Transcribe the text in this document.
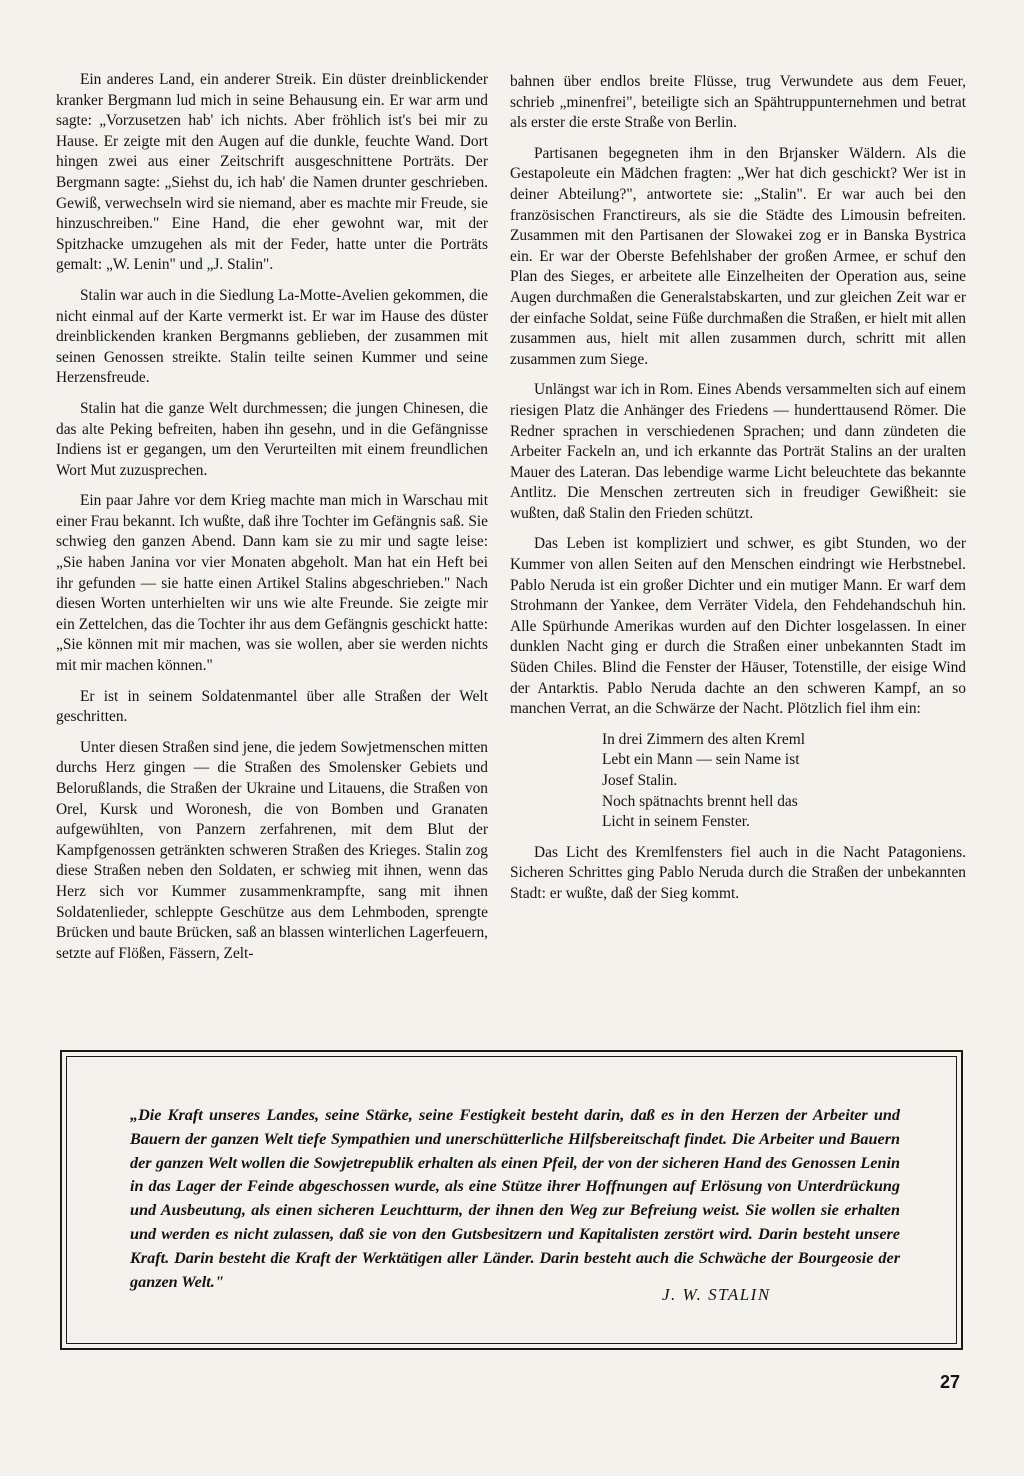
Ein anderes Land, ein anderer Streik. Ein düster dreinblickender kranker Bergmann lud mich in seine Behausung ein. Er war arm und sagte: „Vorzusetzen hab' ich nichts. Aber fröhlich ist's bei mir zu Hause. Er zeigte mit den Augen auf die dunkle, feuchte Wand. Dort hingen zwei aus einer Zeitschrift ausgeschnittene Porträts. Der Bergmann sagte: „Siehst du, ich hab' die Namen drunter geschrieben. Gewiß, verwechseln wird sie niemand, aber es machte mir Freude, sie hinzuschreiben." Eine Hand, die eher gewohnt war, mit der Spitzhacke umzugehen als mit der Feder, hatte unter die Porträts gemalt: „W. Lenin" und „J. Stalin".

Stalin war auch in die Siedlung La-Motte-Avelien gekommen, die nicht einmal auf der Karte vermerkt ist. Er war im Hause des düster dreinblickenden kranken Bergmanns geblieben, der zusammen mit seinen Genossen streikte. Stalin teilte seinen Kummer und seine Herzensfreude.

Stalin hat die ganze Welt durchmessen; die jungen Chinesen, die das alte Peking befreiten, haben ihn gesehn, und in die Gefängnisse Indiens ist er gegangen, um den Verurteilten mit einem freundlichen Wort Mut zuzusprechen.

Ein paar Jahre vor dem Krieg machte man mich in Warschau mit einer Frau bekannt. Ich wußte, daß ihre Tochter im Gefängnis saß. Sie schwieg den ganzen Abend. Dann kam sie zu mir und sagte leise: „Sie haben Janina vor vier Monaten abgeholt. Man hat ein Heft bei ihr gefunden — sie hatte einen Artikel Stalins abgeschrieben." Nach diesen Worten unterhielten wir uns wie alte Freunde. Sie zeigte mir ein Zettelchen, das die Tochter ihr aus dem Gefängnis geschickt hatte: „Sie können mit mir machen, was sie wollen, aber sie werden nichts mit mir machen können."

Er ist in seinem Soldatenmantel über alle Straßen der Welt geschritten.

Unter diesen Straßen sind jene, die jedem Sowjetmenschen mitten durchs Herz gingen — die Straßen des Smolensker Gebiets und Belorußlands, die Straßen der Ukraine und Litauens, die Straßen von Orel, Kursk und Woronesh, die von Bomben und Granaten aufgewühlten, von Panzern zerfahrenen, mit dem Blut der Kampfgenossen getränkten schweren Straßen des Krieges. Stalin zog diese Straßen neben den Soldaten, er schwieg mit ihnen, wenn das Herz sich vor Kummer zusammenkrampfte, sang mit ihnen Soldatenlieder, schleppte Geschütze aus dem Lehmboden, sprengte Brücken und baute Brücken, saß an blassen winterlichen Lagerfeuern, setzte auf Flößen, Fässern, Zelt-

bahnen über endlos breite Flüsse, trug Verwundete aus dem Feuer, schrieb „minenfrei", beteiligte sich an Spähtruppunternehmen und betrat als erster die erste Straße von Berlin.

Partisanen begegneten ihm in den Brjansker Wäldern. Als die Gestapoleute ein Mädchen fragten: „Wer hat dich geschickt? Wer ist in deiner Abteilung?", antwortete sie: „Stalin". Er war auch bei den französischen Franctireurs, als sie die Städte des Limousin befreiten. Zusammen mit den Partisanen der Slowakei zog er in Banska Bystrica ein. Er war der Oberste Befehlshaber der großen Armee, er schuf den Plan des Sieges, er arbeitete alle Einzelheiten der Operation aus, seine Augen durchmaßen die Generalstabskarten, und zur gleichen Zeit war er der einfache Soldat, seine Füße durchmaßen die Straßen, er hielt mit allen zusammen aus, hielt mit allen zusammen durch, schritt mit allen zusammen zum Siege.

Unlängst war ich in Rom. Eines Abends versammelten sich auf einem riesigen Platz die Anhänger des Friedens — hunderttausend Römer. Die Redner sprachen in verschiedenen Sprachen; und dann zündeten die Arbeiter Fackeln an, und ich erkannte das Porträt Stalins an der uralten Mauer des Lateran. Das lebendige warme Licht beleuchtete das bekannte Antlitz. Die Menschen zertreuten sich in freudiger Gewißheit: sie wußten, daß Stalin den Frieden schützt.

Das Leben ist kompliziert und schwer, es gibt Stunden, wo der Kummer von allen Seiten auf den Menschen eindringt wie Herbstnebel. Pablo Neruda ist ein großer Dichter und ein mutiger Mann. Er warf dem Strohmann der Yankee, dem Verräter Videla, den Fehdehandschuh hin. Alle Spürhunde Amerikas wurden auf den Dichter losgelassen. In einer dunklen Nacht ging er durch die Straßen einer unbekannten Stadt im Süden Chiles. Blind die Fenster der Häuser, Totenstille, der eisige Wind der Antarktis. Pablo Neruda dachte an den schweren Kampf, an so manchen Verrat, an die Schwärze der Nacht. Plötzlich fiel ihm ein:

In drei Zimmern des alten Kreml
Lebt ein Mann — sein Name ist
Josef Stalin.
Noch spätnachts brennt hell das
Licht in seinem Fenster.

Das Licht des Kremlfensters fiel auch in die Nacht Patagoniens. Sicheren Schrittes ging Pablo Neruda durch die Straßen der unbekannten Stadt: er wußte, daß der Sieg kommt.

„Die Kraft unseres Landes, seine Stärke, seine Festigkeit besteht darin, daß es in den Herzen der Arbeiter und Bauern der ganzen Welt tiefe Sympathien und unerschütterliche Hilfsbereitschaft findet. Die Arbeiter und Bauern der ganzen Welt wollen die Sowjetrepublik erhalten als einen Pfeil, der von der sicheren Hand des Genossen Lenin in das Lager der Feinde abgeschossen wurde, als eine Stütze ihrer Hoffnungen auf Erlösung von Unterdrückung und Ausbeutung, als einen sicheren Leuchtturm, der ihnen den Weg zur Befreiung weist. Sie wollen sie erhalten und werden es nicht zulassen, daß sie von den Gutsbesitzern und Kapitalisten zerstört wird. Darin besteht unsere Kraft. Darin besteht die Kraft der Werktätigen aller Länder. Darin besteht auch die Schwäche der Bourgeosie der ganzen Welt."
J. W. STALIN
27
